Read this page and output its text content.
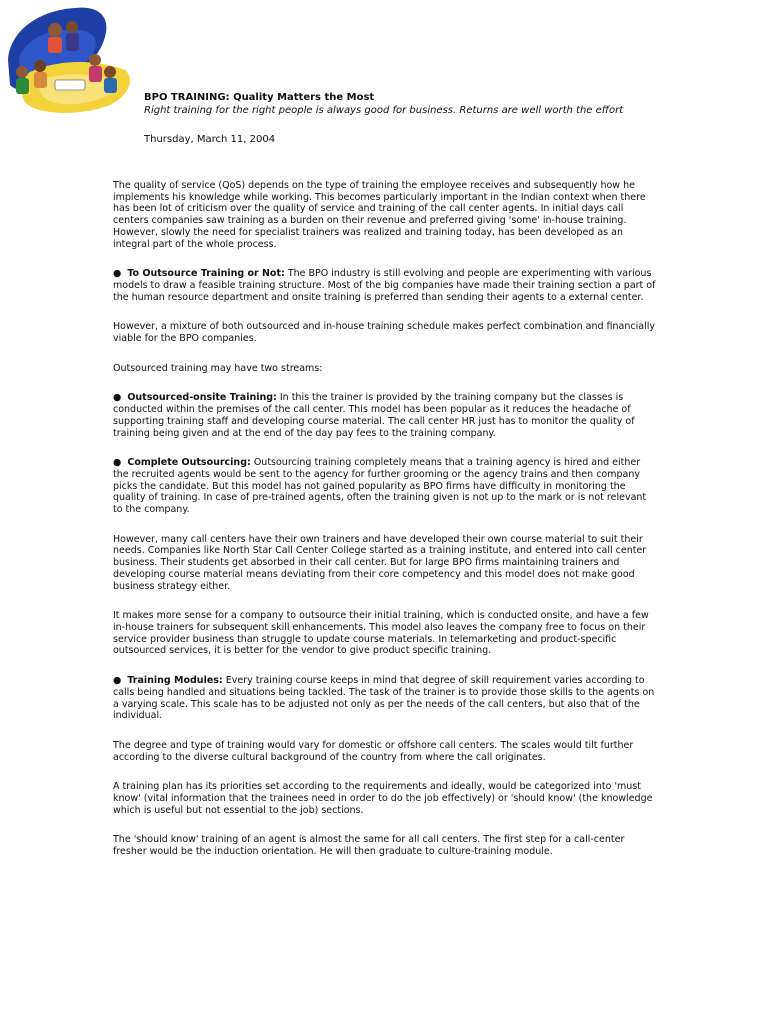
BPO TRAINING: Quality Matters the Most
Right training for the right people is always good for business. Returns are well worth the effort
Thursday, March 11, 2004

The quality of service (QoS) depends on the type of training the employee receives and subsequently how he implements his knowledge while working. This becomes particularly important in the Indian context when there has been lot of criticism over the quality of service and training of the call center agents. In initial days call centers companies saw training as a burden on their revenue and preferred giving 'some' in-house training. However, slowly the need for specialist trainers was realized and training today, has been developed as an integral part of the whole process.

● To Outsource Training or Not: The BPO industry is still evolving and people are experimenting with various models to draw a feasible training structure. Most of the big companies have made their training section a part of the human resource department and onsite training is preferred than sending their agents to a external center.

However, a mixture of both outsourced and in-house training schedule makes perfect combination and financially viable for the BPO companies.

Outsourced training may have two streams:

● Outsourced-onsite Training: In this the trainer is provided by the training company but the classes is conducted within the premises of the call center. This model has been popular as it reduces the headache of supporting training staff and developing course material. The call center HR just has to monitor the quality of training being given and at the end of the day pay fees to the training company.

● Complete Outsourcing: Outsourcing training completely means that a training agency is hired and either the recruited agents would be sent to the agency for further grooming or the agency trains and then company picks the candidate. But this model has not gained popularity as BPO firms have difficulty in monitoring the quality of training. In case of pre-trained agents, often the training given is not up to the mark or is not relevant to the company.

However, many call centers have their own trainers and have developed their own course material to suit their needs. Companies like North Star Call Center College started as a training institute, and entered into call center business. Their students get absorbed in their call center. But for large BPO firms maintaining trainers and developing course material means deviating from their core competency and this model does not make good business strategy either.

It makes more sense for a company to outsource their initial training, which is conducted onsite, and have a few in-house trainers for subsequent skill enhancements. This model also leaves the company free to focus on their service provider business than struggle to update course materials. In telemarketing and product-specific outsourced services, it is better for the vendor to give product specific training.

● Training Modules: Every training course keeps in mind that degree of skill requirement varies according to calls being handled and situations being tackled. The task of the trainer is to provide those skills to the agents on a varying scale. This scale has to be adjusted not only as per the needs of the call centers, but also that of the individual.

The degree and type of training would vary for domestic or offshore call centers. The scales would tilt further according to the diverse cultural background of the country from where the call originates.

A training plan has its priorities set according to the requirements and ideally, would be categorized into 'must know' (vital information that the trainees need in order to do the job effectively) or 'should know' (the knowledge which is useful but not essential to the job) sections.

The 'should know' training of an agent is almost the same for all call centers. The first step for a call-center fresher would be the induction orientation. He will then graduate to culture-training module.
